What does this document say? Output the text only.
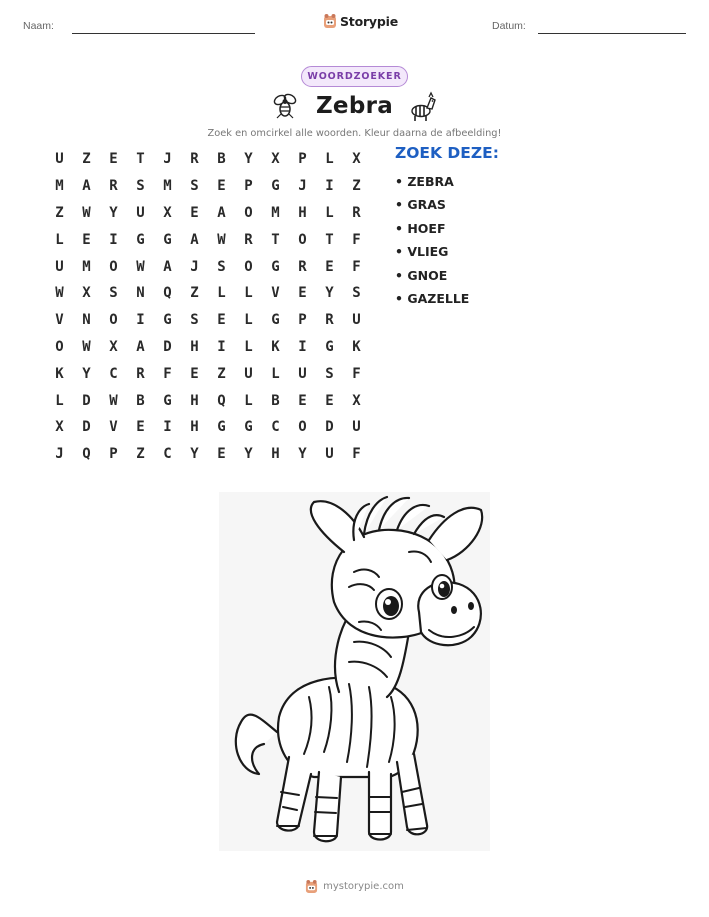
Naam:	Storypie	Datum:
WOORDZOEKER
Zebra
Zoek en omcirkel alle woorden. Kleur daarna de afbeelding!
U	Z	E	T	J	R	B	Y	X	P	L	X
M	A	R	S	M	S	E	P	G	J	I	Z
Z	W	Y	U	X	E	A	O	M	H	L	R
L	E	I	G	G	A	W	R	T	O	T	F
U	M	O	W	A	J	S	O	G	R	E	F
W	X	S	N	Q	Z	L	L	V	E	Y	S
V	N	O	I	G	S	E	L	G	P	R	U
O	W	X	A	D	H	I	L	K	I	G	K
K	Y	C	R	F	E	Z	U	L	U	S	F
L	D	W	B	G	H	Q	L	B	E	E	X
X	D	V	E	I	H	G	G	C	O	D	U
J	Q	P	Z	C	Y	E	Y	H	Y	U	F
ZOEK DEZE:
• ZEBRA
• GRAS
• HOEF
• VLIEG
• GNOE
• GAZELLE
mystorypie.com
